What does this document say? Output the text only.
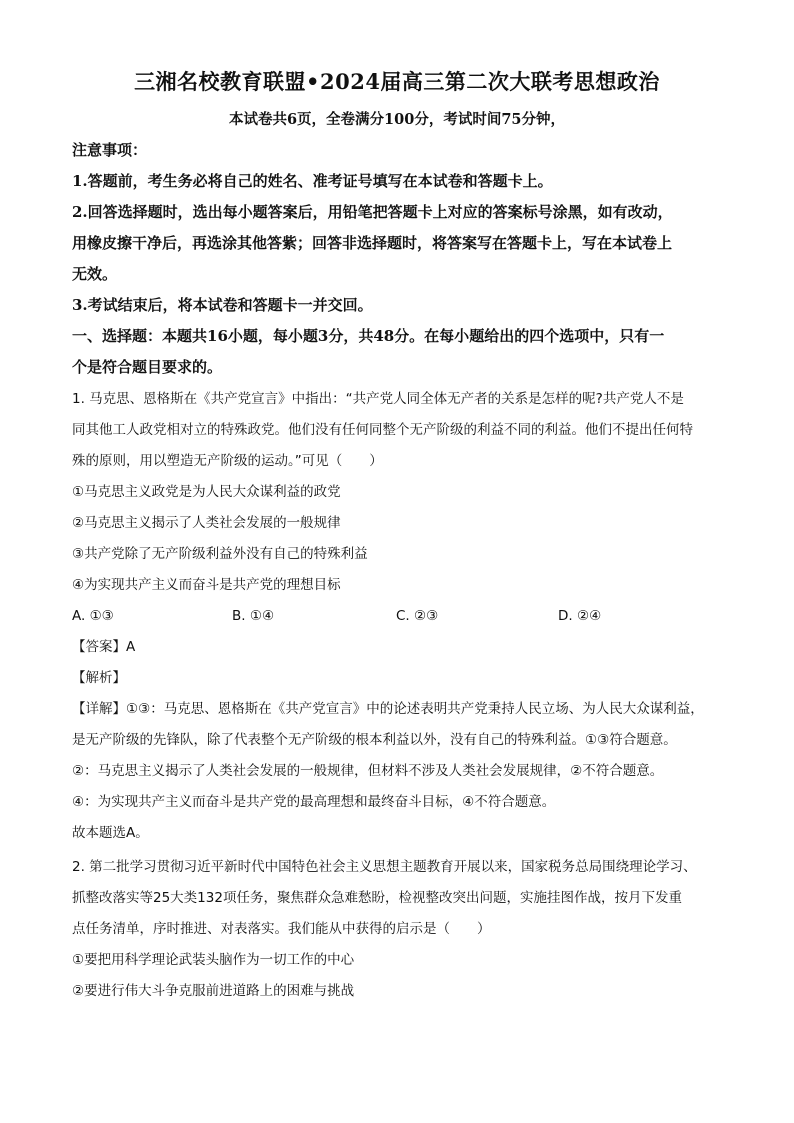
三湘名校教育联盟•2024届高三第二次大联考思想政治
本试卷共6页，全卷满分100分，考试时间75分钟，

注意事项：

1.答题前，考生务必将自己的姓名、准考证号填写在本试卷和答题卡上。

2.回答选择题时，选出每小题答案后，用铅笔把答题卡上对应的答案标号涂黑，如有改动，

用橡皮擦干净后，再选涂其他答紫；回答非选择题时，将答案写在答题卡上，写在本试卷上

无效。

3.考试结束后，将本试卷和答题卡一并交回。

一、选择题：本题共16小题，每小题3分，共48分。在每小题给出的四个选项中，只有一

个是符合题目要求的。

1. 马克思、恩格斯在《共产党宣言》中指出：“共产党人同全体无产者的关系是怎样的呢?共产党人不是

同其他工人政党相对立的特殊政党。他们没有任何同整个无产阶级的利益不同的利益。他们不提出任何特

殊的原则，用以塑造无产阶级的运动。”可见（　　）

①马克思主义政党是为人民大众谋利益的政党

②马克思主义揭示了人类社会发展的一般规律

③共产党除了无产阶级利益外没有自己的特殊利益

④为实现共产主义而奋斗是共产党的理想目标

A. ①③	B. ①④	C. ②③	D. ②④

【答案】A

【解析】

【详解】①③：马克思、恩格斯在《共产党宣言》中的论述表明共产党秉持人民立场、为人民大众谋利益，

是无产阶级的先锋队，除了代表整个无产阶级的根本利益以外，没有自己的特殊利益。①③符合题意。

②：马克思主义揭示了人类社会发展的一般规律，但材料不涉及人类社会发展规律，②不符合题意。

④：为实现共产主义而奋斗是共产党的最高理想和最终奋斗目标，④不符合题意。

故本题选A。

2. 第二批学习贯彻习近平新时代中国特色社会主义思想主题教育开展以来，国家税务总局围绕理论学习、

抓整改落实等25大类132项任务，聚焦群众急难愁盼，检视整改突出问题，实施挂图作战，按月下发重

点任务清单，序时推进、对表落实。我们能从中获得的启示是（　　）

①要把用科学理论武装头脑作为一切工作的中心

②要进行伟大斗争克服前进道路上的困难与挑战
